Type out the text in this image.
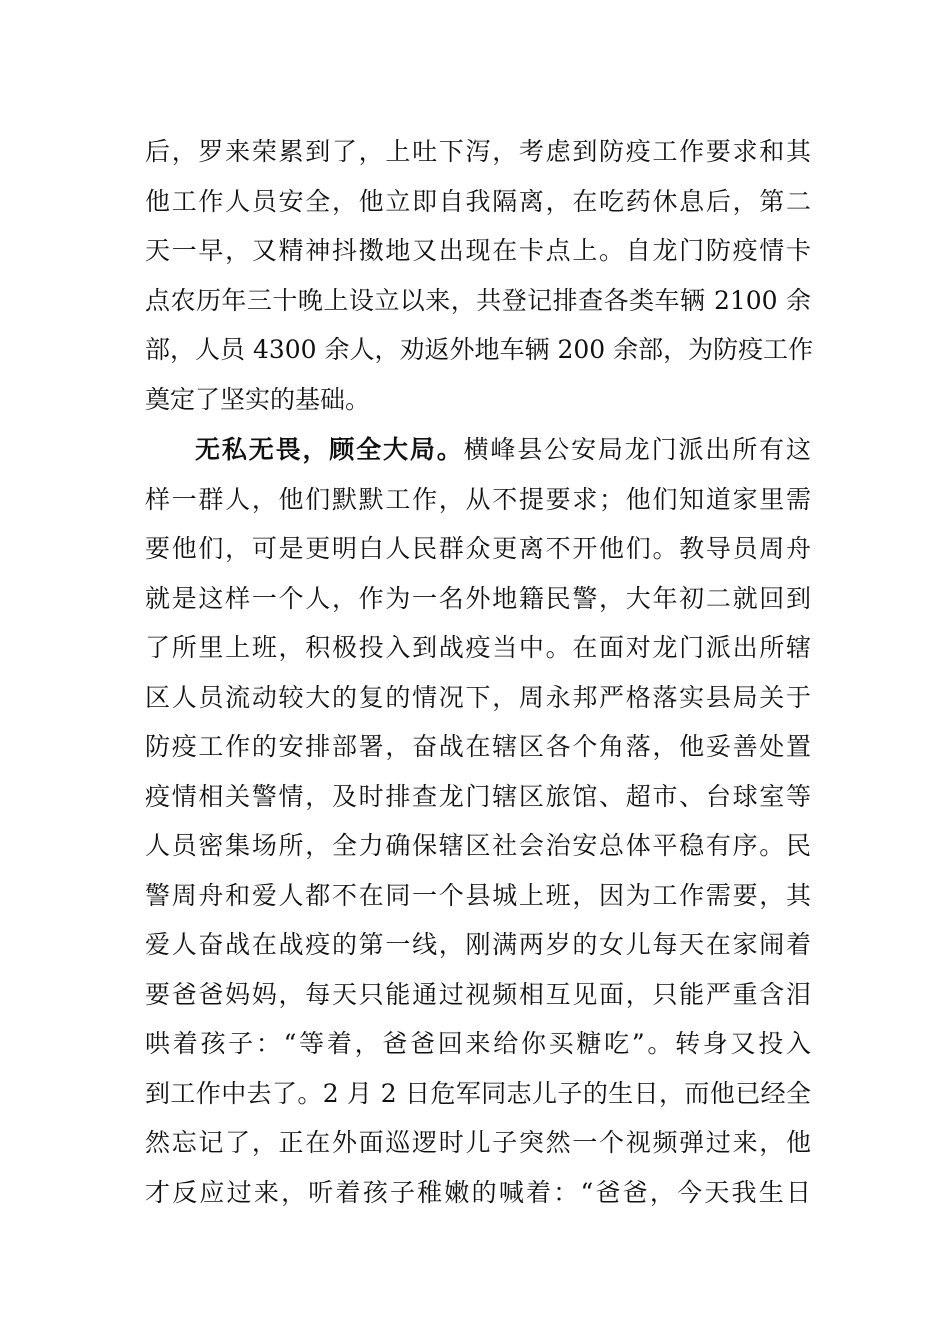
后，罗来荣累到了，上吐下泻，考虑到防疫工作要求和其
他工作人员安全，他立即自我隔离，在吃药休息后，第二
天一早，又精神抖擞地又出现在卡点上。自龙门防疫情卡
点农历年三十晚上设立以来，共登记排查各类车辆 2100 余
部，人员 4300 余人，劝返外地车辆 200 余部，为防疫工作
奠定了坚实的基础。
无私无畏，顾全大局。横峰县公安局龙门派出所有这
样一群人，他们默默工作，从不提要求；他们知道家里需
要他们，可是更明白人民群众更离不开他们。教导员周舟
就是这样一个人，作为一名外地籍民警，大年初二就回到
了所里上班，积极投入到战疫当中。在面对龙门派出所辖
区人员流动较大的复的情况下，周永邦严格落实县局关于
防疫工作的安排部署，奋战在辖区各个角落，他妥善处置
疫情相关警情，及时排查龙门辖区旅馆、超市、台球室等
人员密集场所，全力确保辖区社会治安总体平稳有序。民
警周舟和爱人都不在同一个县城上班，因为工作需要，其
爱人奋战在战疫的第一线，刚满两岁的女儿每天在家闹着
要爸爸妈妈，每天只能通过视频相互见面，只能严重含泪
哄着孩子：“等着，爸爸回来给你买糖吃”。转身又投入
到工作中去了。2 月 2 日危军同志儿子的生日，而他已经全
然忘记了，正在外面巡逻时儿子突然一个视频弹过来，他
才反应过来，听着孩子稚嫩的喊着：“爸爸，今天我生日
